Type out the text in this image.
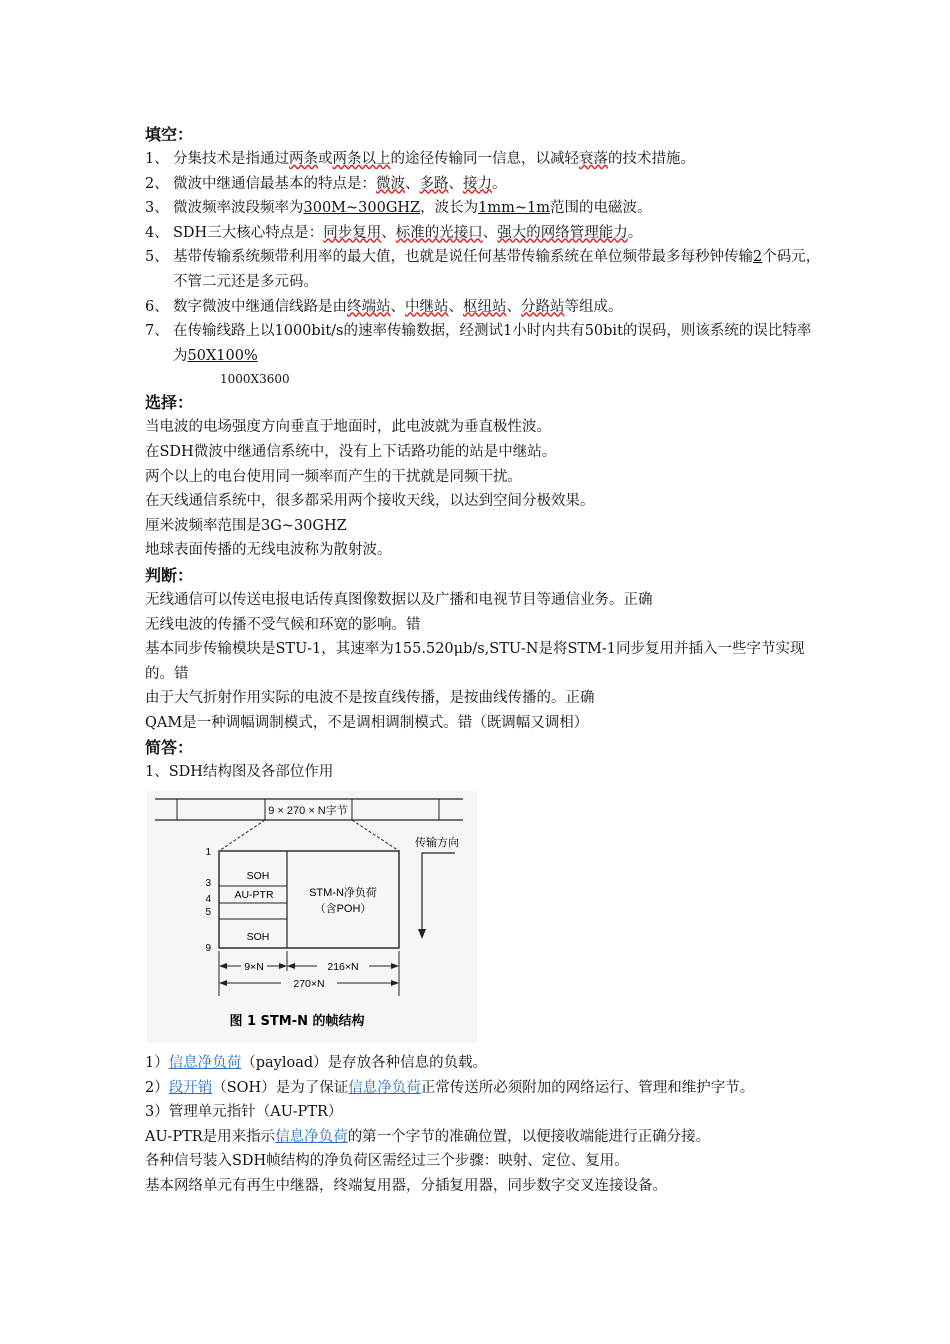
填空：

1、 分集技术是指通过两条或两条以上的途径传输同一信息，以减轻衰落的技术措施。
2、 微波中继通信最基本的特点是：微波、多路、接力。
3、 微波频率波段频率为300M~300GHZ，波长为1mm~1m范围的电磁波。
4、 SDH三大核心特点是：同步复用、标准的光接口、强大的网络管理能力。
5、 基带传输系统频带利用率的最大值，也就是说任何基带传输系统在单位频带最多每秒钟传输2个码元，不管二元还是多元码。
6、 数字微波中继通信线路是由终端站、中继站、枢纽站、分路站等组成。
7、 在传输线路上以1000bit/s的速率传输数据，经测试1小时内共有50bit的误码，则该系统的误比特率为50X100%

1000X3600

选择：

当电波的电场强度方向垂直于地面时，此电波就为垂直极性波。

在SDH微波中继通信系统中，没有上下话路功能的站是中继站。

两个以上的电台使用同一频率而产生的干扰就是同频干扰。

在天线通信系统中，很多都采用两个接收天线，以达到空间分极效果。

厘米波频率范围是3G~30GHZ

地球表面传播的无线电波称为散射波。

判断：

无线通信可以传送电报电话传真图像数据以及广播和电视节目等通信业务。正确

无线电波的传播不受气候和环宽的影响。错

基本同步传输模块是STU-1，其速率为155.520μb/s,STU-N是将STM-1同步复用并插入一些字节实现的。错

由于大气折射作用实际的电波不是按直线传播，是按曲线传播的。正确

QAM是一种调幅调制模式，不是调相调制模式。错（既调幅又调相）

简答：

1、SDH结构图及各部位作用

9 × 270 × N字节
SOH
AU-PTR
SOH
STM-N净负荷
（含POH）
1
3
4
5
9
传输方向
9×N	216×N
270×N
图 1 STM-N 的帧结构

1）信息净负荷（payload）是存放各种信息的负载。

2）段开销（SOH）是为了保证信息净负荷正常传送所必须附加的网络运行、管理和维护字节。

3）管理单元指针（AU-PTR）

AU-PTR是用来指示信息净负荷的第一个字节的准确位置，以便接收端能进行正确分接。

各种信号装入SDH帧结构的净负荷区需经过三个步骤：映射、定位、复用。

基本网络单元有再生中继器，终端复用器，分插复用器，同步数字交叉连接设备。
